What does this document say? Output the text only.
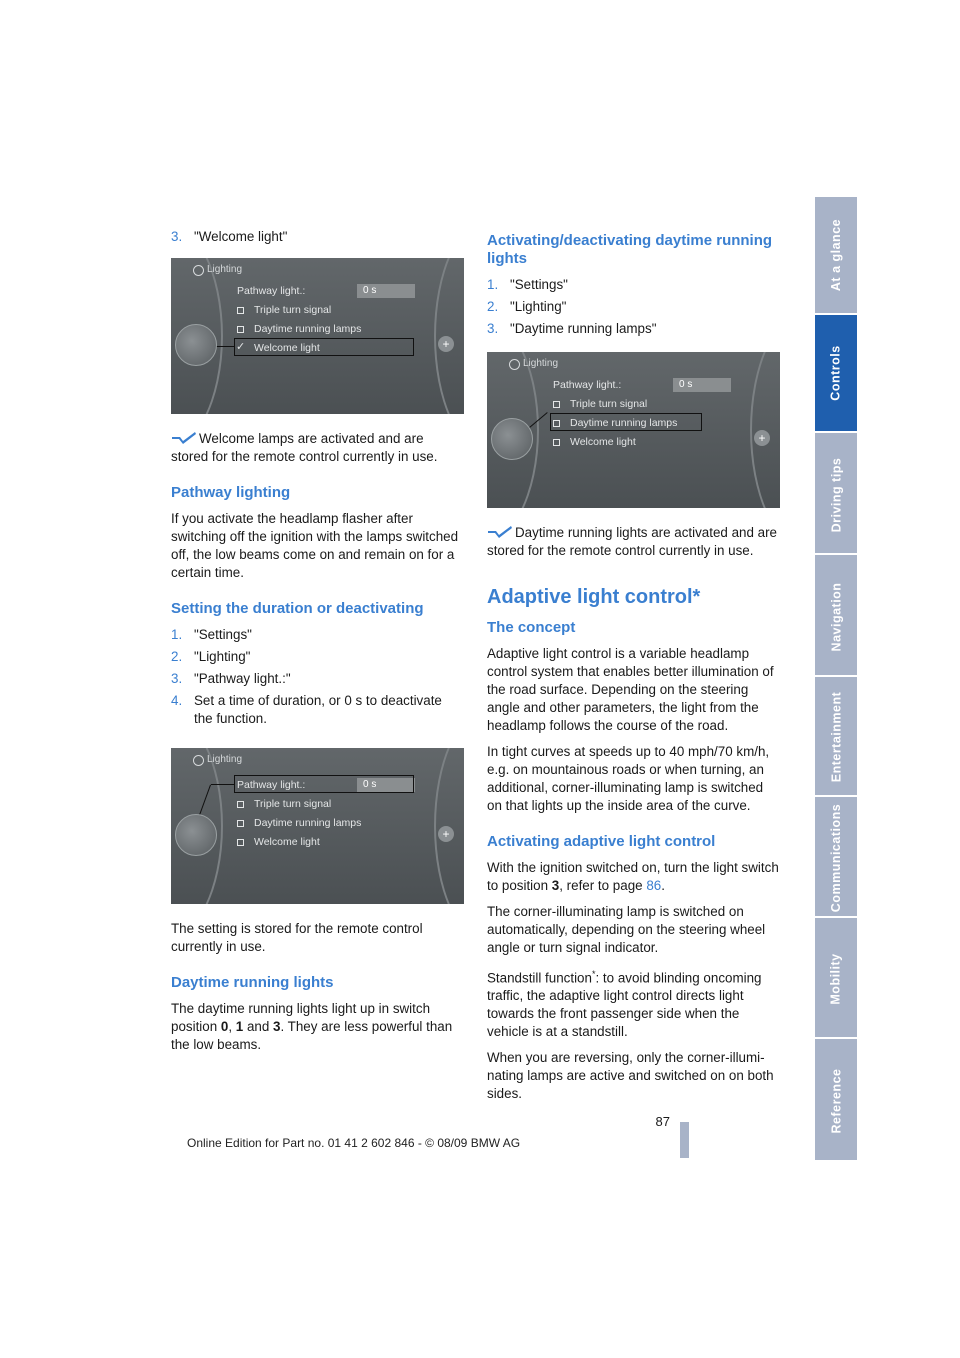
3. "Welcome light"
Lighting
Pathway light.:	0 s
Triple turn signal
Daytime running lamps
✓
Welcome light	+

Welcome lamps are activated and are stored for the remote control currently in use.

Pathway lighting

If you activate the headlamp flasher after switching off the ignition with the lamps switched off, the low beams come on and remain on for a certain time.

Setting the duration or deactivating
1. "Settings"
2. "Lighting"
3. "Pathway light.:"
4. Set a time of duration, or 0 s to deactivate the function.
Lighting
Pathway light.:	0 s
Triple turn signal
Daytime running lamps
Welcome light
+

The setting is stored for the remote control currently in use.

Daytime running lights

The daytime running lights light up in switch position 0, 1 and 3. They are less powerful than the low beams.

Activating/deactivating daytime running lights
1. "Settings"
2. "Lighting"
3. "Daytime running lamps"
Lighting
Pathway light.:	0 s
Triple turn signal
Daytime running lamps
Welcome light	+

Daytime running lights are activated and are stored for the remote control currently in use.

Adaptive light control*
The concept

Adaptive light control is a variable headlamp control system that enables better illumination of the road surface. Depending on the steering angle and other parameters, the light from the headlamp follows the course of the road.

In tight curves at speeds up to 40 mph/70 km/h, e.g. on mountainous roads or when turning, an additional, corner-illuminating lamp is switched on that lights up the inside area of the curve.

Activating adaptive light control

With the ignition switched on, turn the light switch to position 3, refer to page 86.

The corner-illuminating lamp is switched on automatically, depending on the steering wheel angle or turn signal indicator.

Standstill function*: to avoid blinding oncoming traffic, the adaptive light control directs light towards the front passenger side when the vehicle is at a standstill.

When you are reversing, only the corner-illumi-nating lamps are active and switched on on both sides.

At a glance
Controls
Driving tips
Navigation
Entertainment
Communications
Mobility
Reference
87
Online Edition for Part no. 01 41 2 602 846 - © 08/09 BMW AG
